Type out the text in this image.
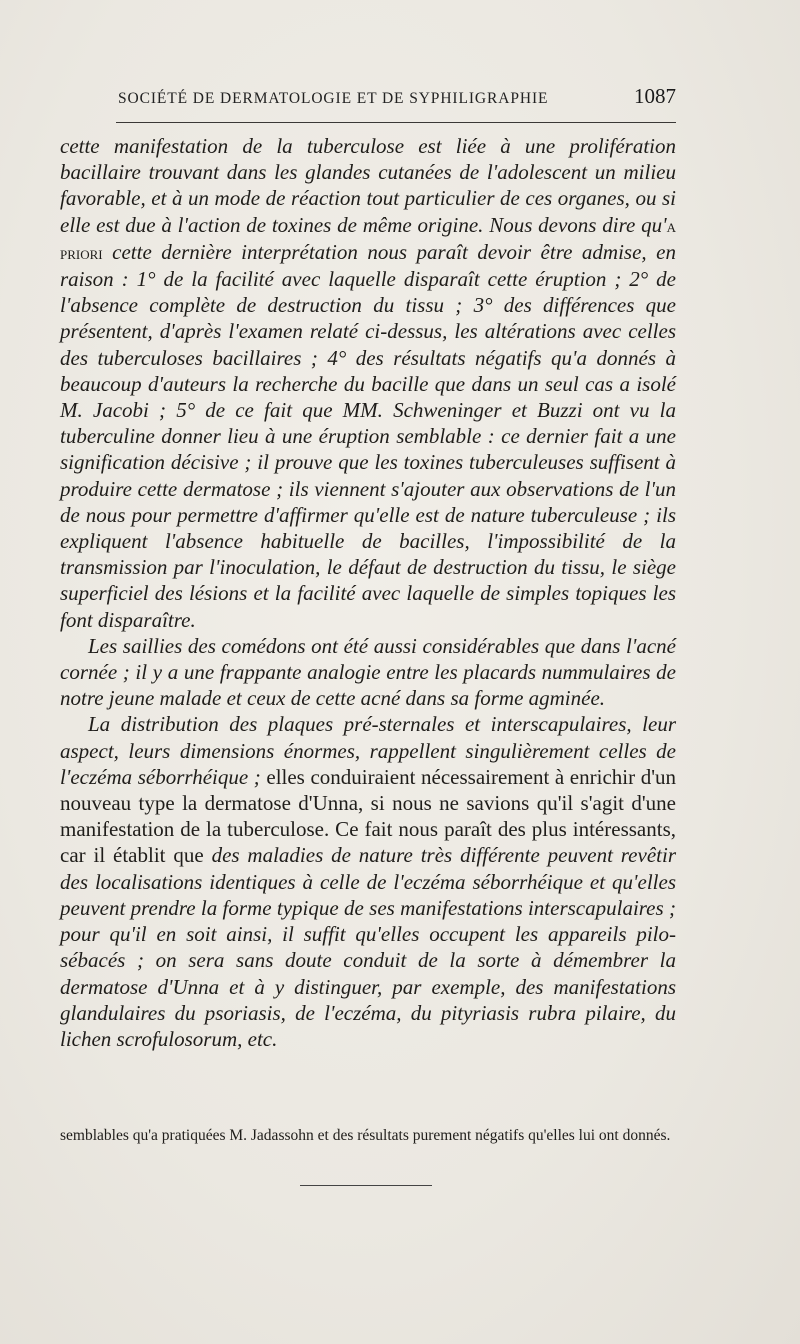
SOCIÉTÉ DE DERMATOLOGIE ET DE SYPHILIGRAPHIE	1087

cette manifestation de la tuberculose est liée à une prolifération bacillaire trouvant dans les glandes cutanées de l'adolescent un milieu favorable, et à un mode de réaction tout particulier de ces organes, ou si elle est due à l'action de toxines de même origine. Nous devons dire qu'a priori cette dernière interprétation nous paraît devoir être admise, en raison : 1° de la facilité avec laquelle disparaît cette éruption ; 2° de l'absence complète de destruction du tissu ; 3° des différences que présentent, d'après l'examen relaté ci-dessus, les altérations avec celles des tuberculoses bacillaires ; 4° des résultats négatifs qu'a donnés à beaucoup d'auteurs la recherche du bacille que dans un seul cas a isolé M. Jacobi ; 5° de ce fait que MM. Schweninger et Buzzi ont vu la tuberculine donner lieu à une éruption semblable : ce dernier fait a une signification décisive ; il prouve que les toxines tuberculeuses suffisent à produire cette dermatose ; ils viennent s'ajouter aux observations de l'un de nous pour permettre d'affirmer qu'elle est de nature tuberculeuse ; ils expliquent l'absence habituelle de bacilles, l'impossibilité de la transmission par l'inoculation, le défaut de destruction du tissu, le siège superficiel des lésions et la facilité avec laquelle de simples topiques les font disparaître.

Les saillies des comédons ont été aussi considérables que dans l'acné cornée ; il y a une frappante analogie entre les placards nummulaires de notre jeune malade et ceux de cette acné dans sa forme agminée.

La distribution des plaques pré-sternales et interscapulaires, leur aspect, leurs dimensions énormes, rappellent singulièrement celles de l'eczéma séborrhéique ; elles conduiraient nécessairement à enrichir d'un nouveau type la dermatose d'Unna, si nous ne savions qu'il s'agit d'une manifestation de la tuberculose. Ce fait nous paraît des plus intéressants, car il établit que des maladies de nature très différente peuvent revêtir des localisations identiques à celle de l'eczéma séborrhéique et qu'elles peuvent prendre la forme typique de ses manifestations interscapulaires ; pour qu'il en soit ainsi, il suffit qu'elles occupent les appareils pilo-sébacés ; on sera sans doute conduit de la sorte à démembrer la dermatose d'Unna et à y distinguer, par exemple, des manifestations glandulaires du psoriasis, de l'eczéma, du pityriasis rubra pilaire, du lichen scrofulosorum, etc.

semblables qu'a pratiquées M. Jadassohn et des résultats purement négatifs qu'elles lui ont donnés.
